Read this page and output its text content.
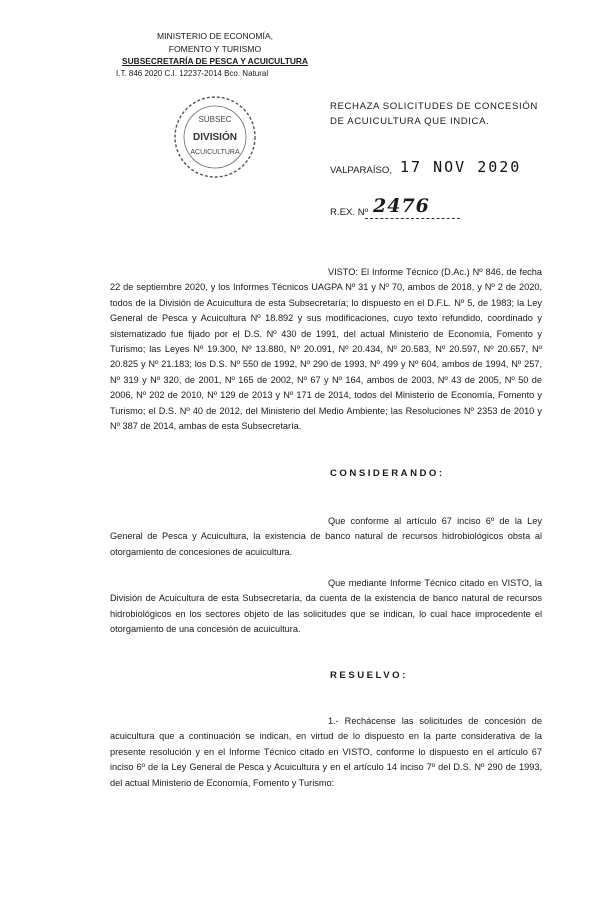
MINISTERIO DE ECONOMÍA,
FOMENTO Y TURISMO
SUBSECRETARÍA DE PESCA Y ACUICULTURA
I.T. 846 2020 C.I. 12237-2014 Bco. Natural
SUBSEC
DIVISIÓN
ACUICULTURA
RECHAZA SOLICITUDES DE CONCESIÓN DE ACUICULTURA QUE INDICA.
VALPARAÍSO, 17 NOV 2020
R.EX. Nº 2476
VISTO: El Informe Técnico (D.Ac.) Nº 846, de fecha 22 de septiembre 2020, y los Informes Técnicos UAGPA Nº 31 y Nº 70, ambos de 2018, y Nº 2 de 2020, todos de la División de Acuicultura de esta Subsecretaría; lo dispuesto en el D.F.L. Nº 5, de 1983; la Ley General de Pesca y Acuicultura Nº 18.892 y sus modificaciones, cuyo texto refundido, coordinado y sistematizado fue fijado por el D.S. Nº 430 de 1991, del actual Ministerio de Economía, Fomento y Turismo; las Leyes Nº 19.300, Nº 13.880, Nº 20.091, Nº 20.434, Nº 20.583, Nº 20.597, Nº 20.657, Nº 20.825 y Nº 21.183; los D.S. Nº 550 de 1992, Nº 290 de 1993, Nº 499 y Nº 604, ambos de 1994, Nº 257, Nº 319 y Nº 320, de 2001, Nº 165 de 2002, Nº 67 y Nº 164, ambos de 2003, Nº 43 de 2005, Nº 50 de 2006, Nº 202 de 2010, Nº 129 de 2013 y Nº 171 de 2014, todos del Ministerio de Economía, Fomento y Turismo; el D.S. Nº 40 de 2012, del Ministerio del Medio Ambiente; las Resoluciones Nº 2353 de 2010 y Nº 387 de 2014, ambas de esta Subsecretaría.
CONSIDERANDO:
Que conforme al artículo 67 inciso 6º de la Ley General de Pesca y Acuicultura, la existencia de banco natural de recursos hidrobiológicos obsta al otorgamiento de concesiones de acuicultura.
Que mediante Informe Técnico citado en VISTO, la División de Acuicultura de esta Subsecretaría, da cuenta de la existencia de banco natural de recursos hidrobiológicos en los sectores objeto de las solicitudes que se indican, lo cual hace improcedente el otorgamiento de una concesión de acuicultura.
RESUELVO:
1.- Rechácense las solicitudes de concesión de acuicultura que a continuación se indican, en virtud de lo dispuesto en la parte considerativa de la presente resolución y en el Informe Técnico citado en VISTO, conforme lo dispuesto en el artículo 67 inciso 6º de la Ley General de Pesca y Acuicultura y en el artículo 14 inciso 7º del D.S. Nº 290 de 1993, del actual Ministerio de Economía, Fomento y Turismo:
